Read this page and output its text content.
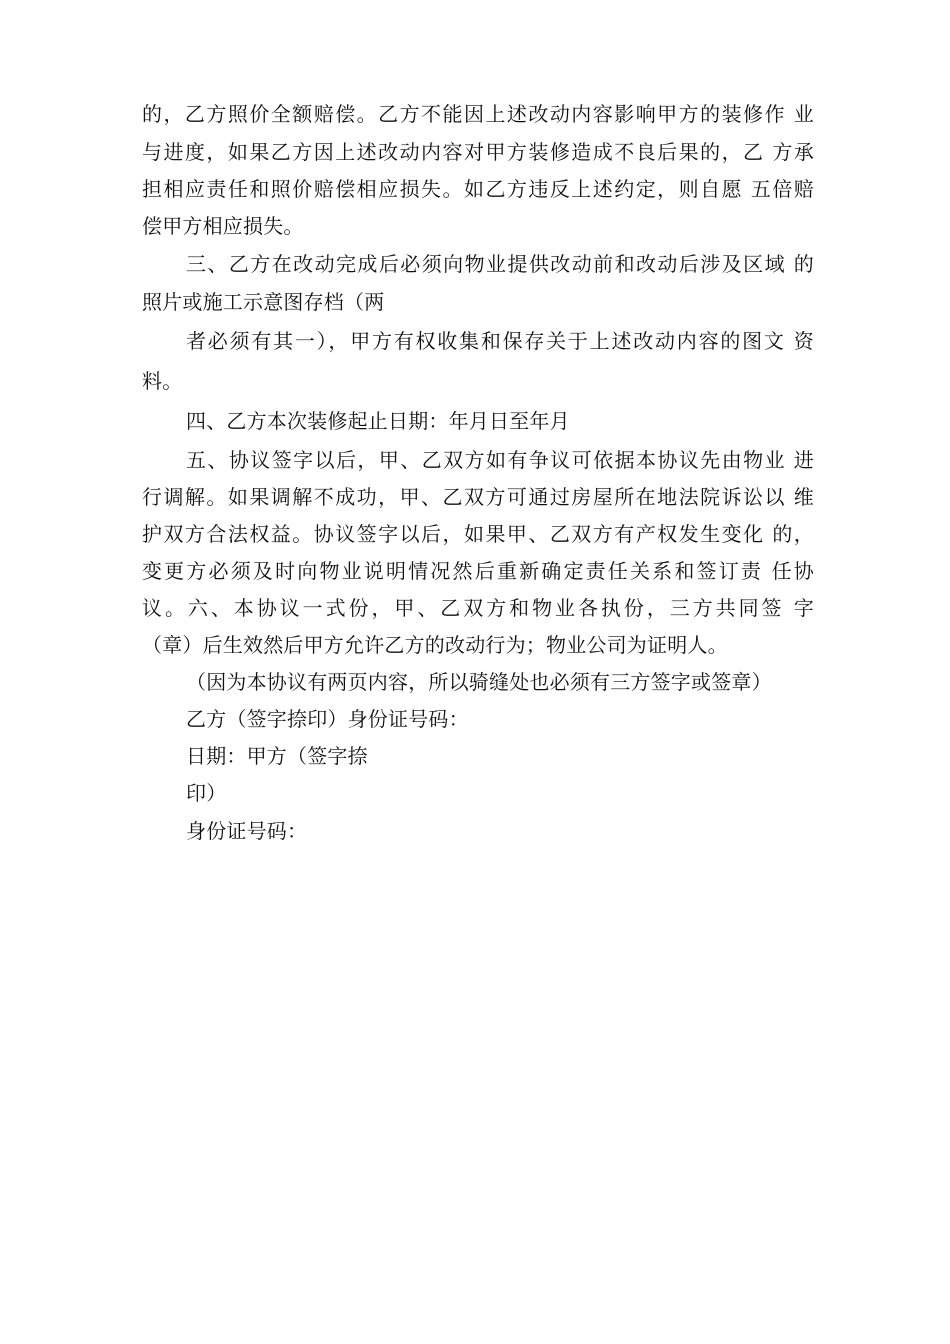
的，乙方照价全额赔偿。乙方不能因上述改动内容影响甲方的装修作 业
与进度，如果乙方因上述改动内容对甲方装修造成不良后果的，乙 方承
担相应责任和照价赔偿相应损失。如乙方违反上述约定，则自愿 五倍赔
偿甲方相应损失。
三、乙方在改动完成后必须向物业提供改动前和改动后涉及区域 的
照片或施工示意图存档（两
者必须有其一），甲方有权收集和保存关于上述改动内容的图文 资
料。
四、乙方本次装修起止日期：年月日至年月
五、协议签字以后，甲、乙双方如有争议可依据本协议先由物业 进
行调解。如果调解不成功，甲、乙双方可通过房屋所在地法院诉讼以 维
护双方合法权益。协议签字以后，如果甲、乙双方有产权发生变化 的，
变更方必须及时向物业说明情况然后重新确定责任关系和签订责 任协
议。六、本协议一式份，甲、乙双方和物业各执份，三方共同签 字
（章）后生效然后甲方允许乙方的改动行为；物业公司为证明人。
（因为本协议有两页内容，所以骑缝处也必须有三方签字或签章）
乙方（签字捺印）身份证号码：
日期：甲方（签字捺
印）
身份证号码：
